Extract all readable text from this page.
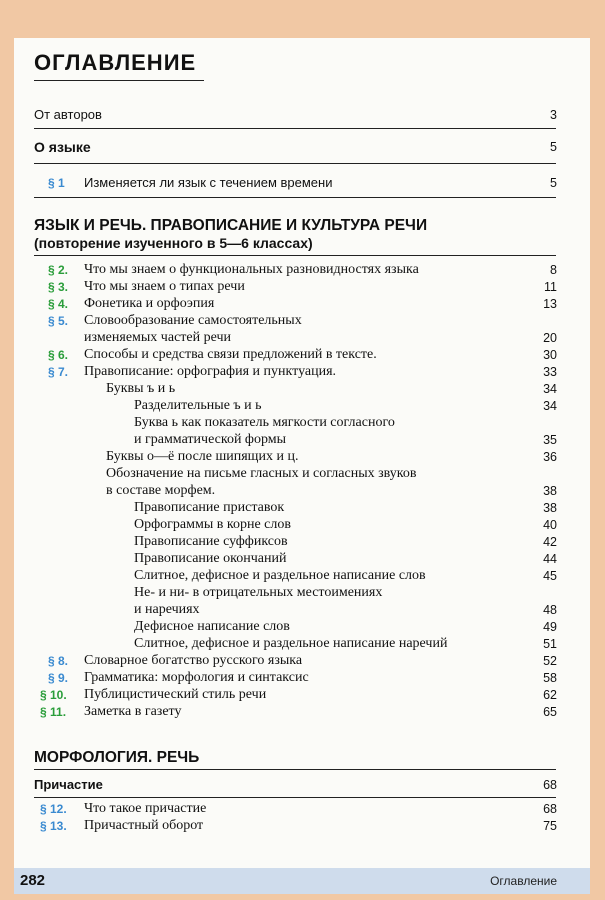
ОГЛАВЛЕНИЕ
От авторов	3
О языке	5
§ 1 Изменяется ли язык с течением времени	5
ЯЗЫК И РЕЧЬ. ПРАВОПИСАНИЕ И КУЛЬТУРА РЕЧИ
(повторение изученного в 5—6 классах)
§ 2. Что мы знаем о функциональных разновидностях языка	8
§ 3. Что мы знаем о типах речи	11
§ 4. Фонетика и орфоэпия	13
§ 5. Словообразование самостоятельных
изменяемых частей речи	20
§ 6. Способы и средства связи предложений в тексте.	30
§ 7. Правописание: орфография и пунктуация.	33
Буквы ъ и ь	34
Разделительные ъ и ь	34
Буква ь как показатель мягкости согласного
и грамматической формы	35
Буквы о—ё после шипящих и ц.	36
Обозначение на письме гласных и согласных звуков
в составе морфем.	38
Правописание приставок	38
Орфограммы в корне слов	40
Правописание суффиксов	42
Правописание окончаний	44
Слитное, дефисное и раздельное написание слов	45
Не- и ни- в отрицательных местоимениях
и наречиях	48
Дефисное написание слов	49
Слитное, дефисное и раздельное написание наречий	51
§ 8. Словарное богатство русского языка	52
§ 9. Грамматика: морфология и синтаксис	58
§ 10. Публицистический стиль речи	62
§ 11. Заметка в газету	65
МОРФОЛОГИЯ. РЕЧЬ
Причастие	68
§ 12. Что такое причастие	68
§ 13. Причастный оборот	75
282	Оглавление
